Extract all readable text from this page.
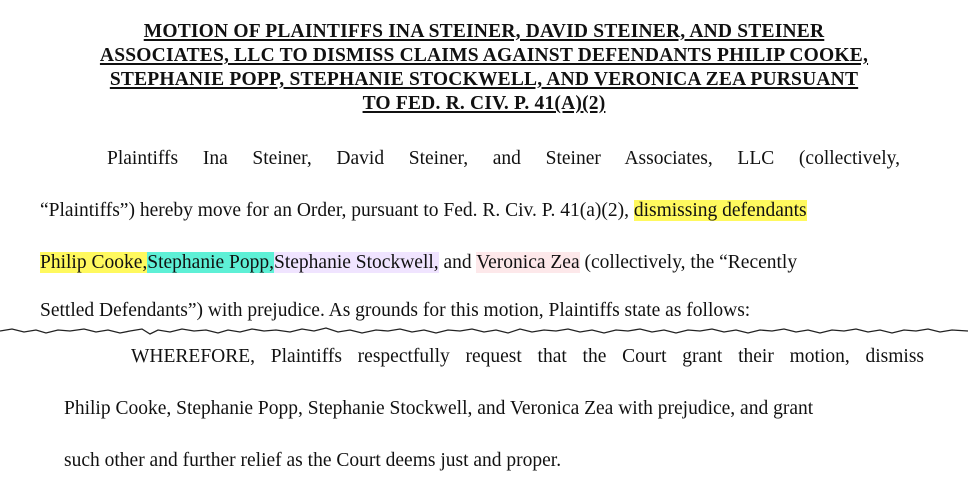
MOTION OF PLAINTIFFS INA STEINER, DAVID STEINER, AND STEINER
ASSOCIATES, LLC TO DISMISS CLAIMS AGAINST DEFENDANTS PHILIP COOKE,
STEPHANIE POPP, STEPHANIE STOCKWELL, AND VERONICA ZEA PURSUANT
TO FED. R. CIV. P. 41(A)(2)
Plaintiffs Ina Steiner, David Steiner, and Steiner Associates, LLC (collectively,
“Plaintiffs”) hereby move for an Order, pursuant to Fed. R. Civ. P. 41(a)(2), dismissing defendants
Philip Cooke,Stephanie Popp,Stephanie Stockwell, and Veronica Zea (collectively, the “Recently
Settled Defendants”) with prejudice. As grounds for this motion, Plaintiffs state as follows:
WHEREFORE, Plaintiffs respectfully request that the Court grant their motion, dismiss
Philip Cooke, Stephanie Popp, Stephanie Stockwell, and Veronica Zea with prejudice, and grant
such other and further relief as the Court deems just and proper.
